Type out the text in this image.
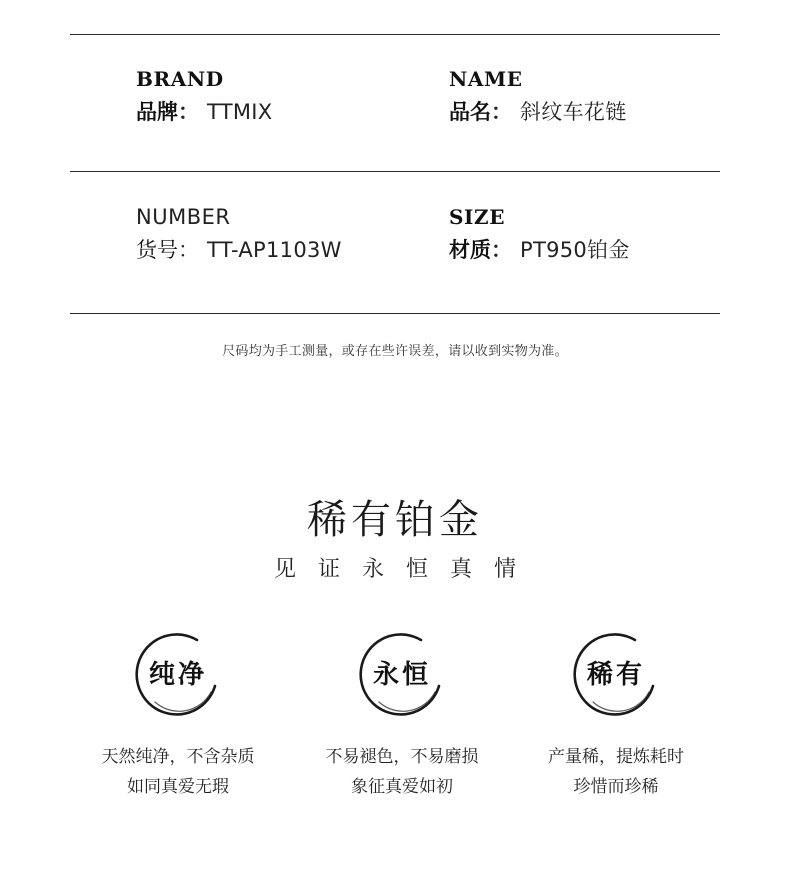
BRAND
品牌： TTMIX
NAME
品名： 斜纹车花链
NUMBER
货号： TT-AP1103W
SIZE
材质： PT950铂金
尺码均为手工测量，或存在些许误差，请以收到实物为准。
稀有铂金
见证永恒真情
纯净
天然纯净，不含杂质
如同真爱无瑕
永恒
不易褪色，不易磨损
象征真爱如初
稀有
产量稀，提炼耗时
珍惜而珍稀
